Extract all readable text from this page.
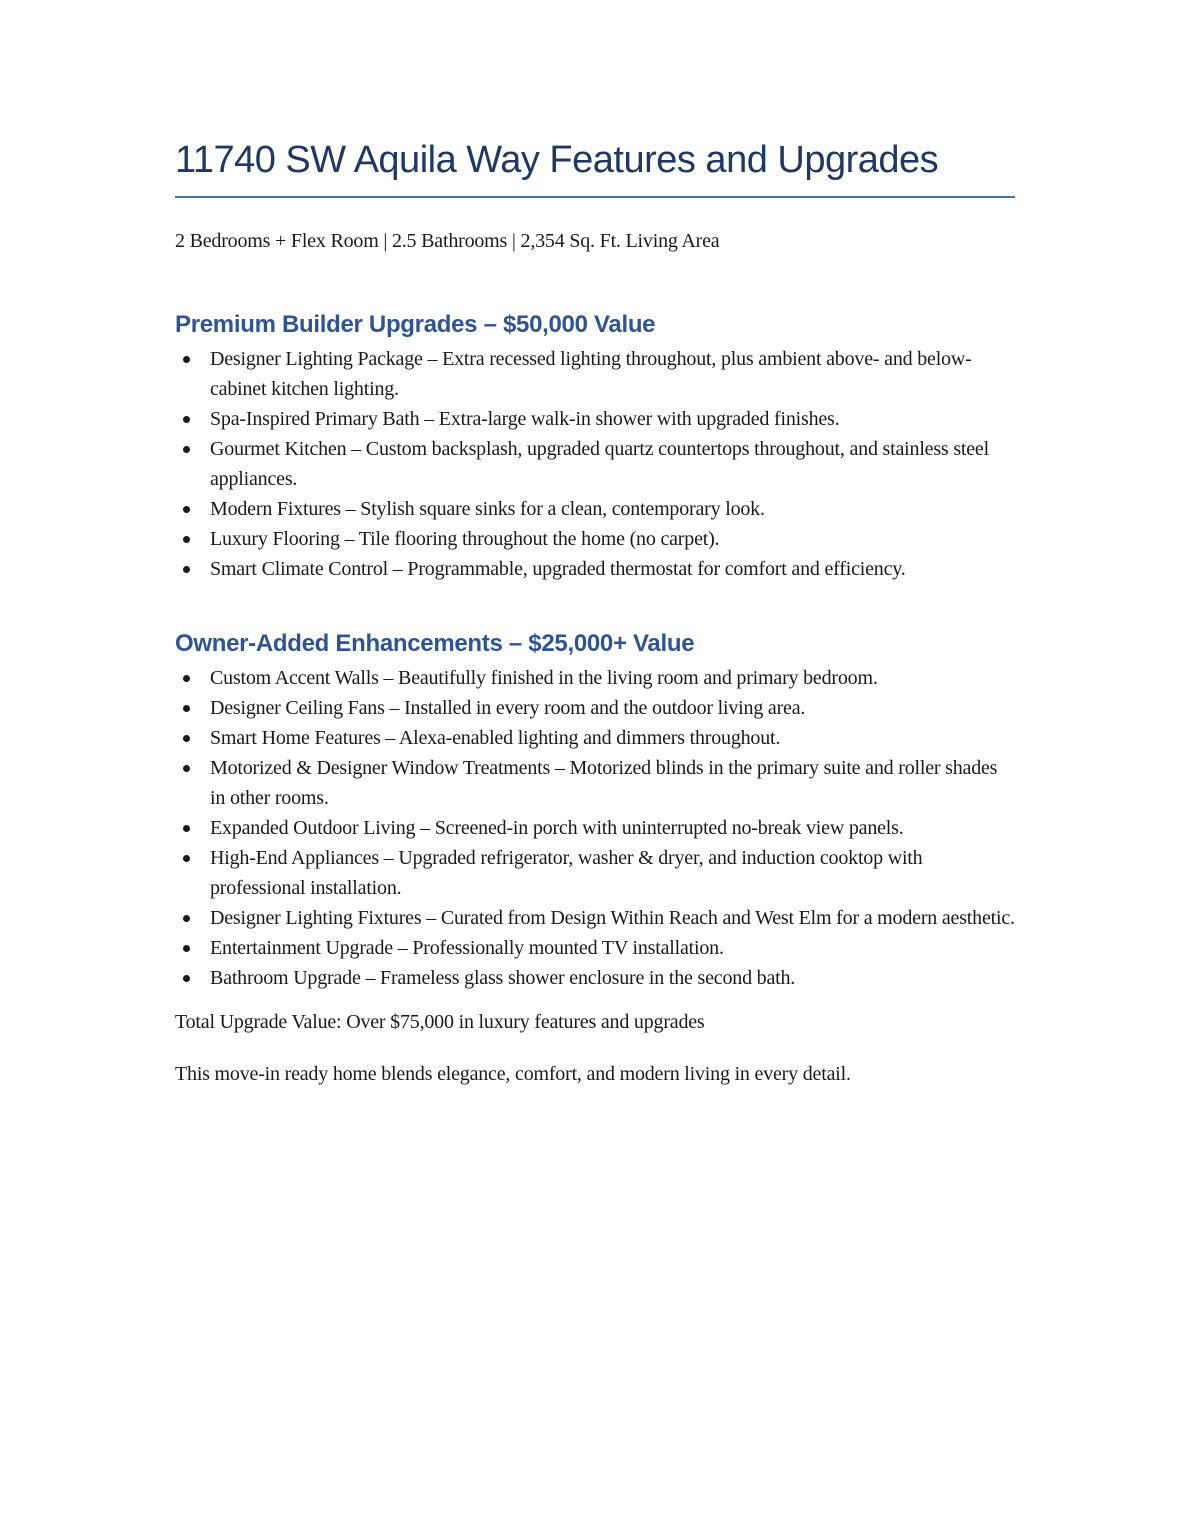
11740 SW Aquila Way Features and Upgrades

2 Bedrooms + Flex Room | 2.5 Bathrooms | 2,354 Sq. Ft. Living Area

Premium Builder Upgrades – $50,000 Value
Designer Lighting Package – Extra recessed lighting throughout, plus ambient above- and below-cabinet kitchen lighting.
Spa-Inspired Primary Bath – Extra-large walk-in shower with upgraded finishes.
Gourmet Kitchen – Custom backsplash, upgraded quartz countertops throughout, and stainless steel appliances.
Modern Fixtures – Stylish square sinks for a clean, contemporary look.
Luxury Flooring – Tile flooring throughout the home (no carpet).
Smart Climate Control – Programmable, upgraded thermostat for comfort and efficiency.
Owner-Added Enhancements – $25,000+ Value
Custom Accent Walls – Beautifully finished in the living room and primary bedroom.
Designer Ceiling Fans – Installed in every room and the outdoor living area.
Smart Home Features – Alexa-enabled lighting and dimmers throughout.
Motorized & Designer Window Treatments – Motorized blinds in the primary suite and roller shades in other rooms.
Expanded Outdoor Living – Screened-in porch with uninterrupted no-break view panels.
High-End Appliances – Upgraded refrigerator, washer & dryer, and induction cooktop with professional installation.
Designer Lighting Fixtures – Curated from Design Within Reach and West Elm for a modern aesthetic.
Entertainment Upgrade – Professionally mounted TV installation.
Bathroom Upgrade – Frameless glass shower enclosure in the second bath.

Total Upgrade Value: Over $75,000 in luxury features and upgrades

This move-in ready home blends elegance, comfort, and modern living in every detail.
